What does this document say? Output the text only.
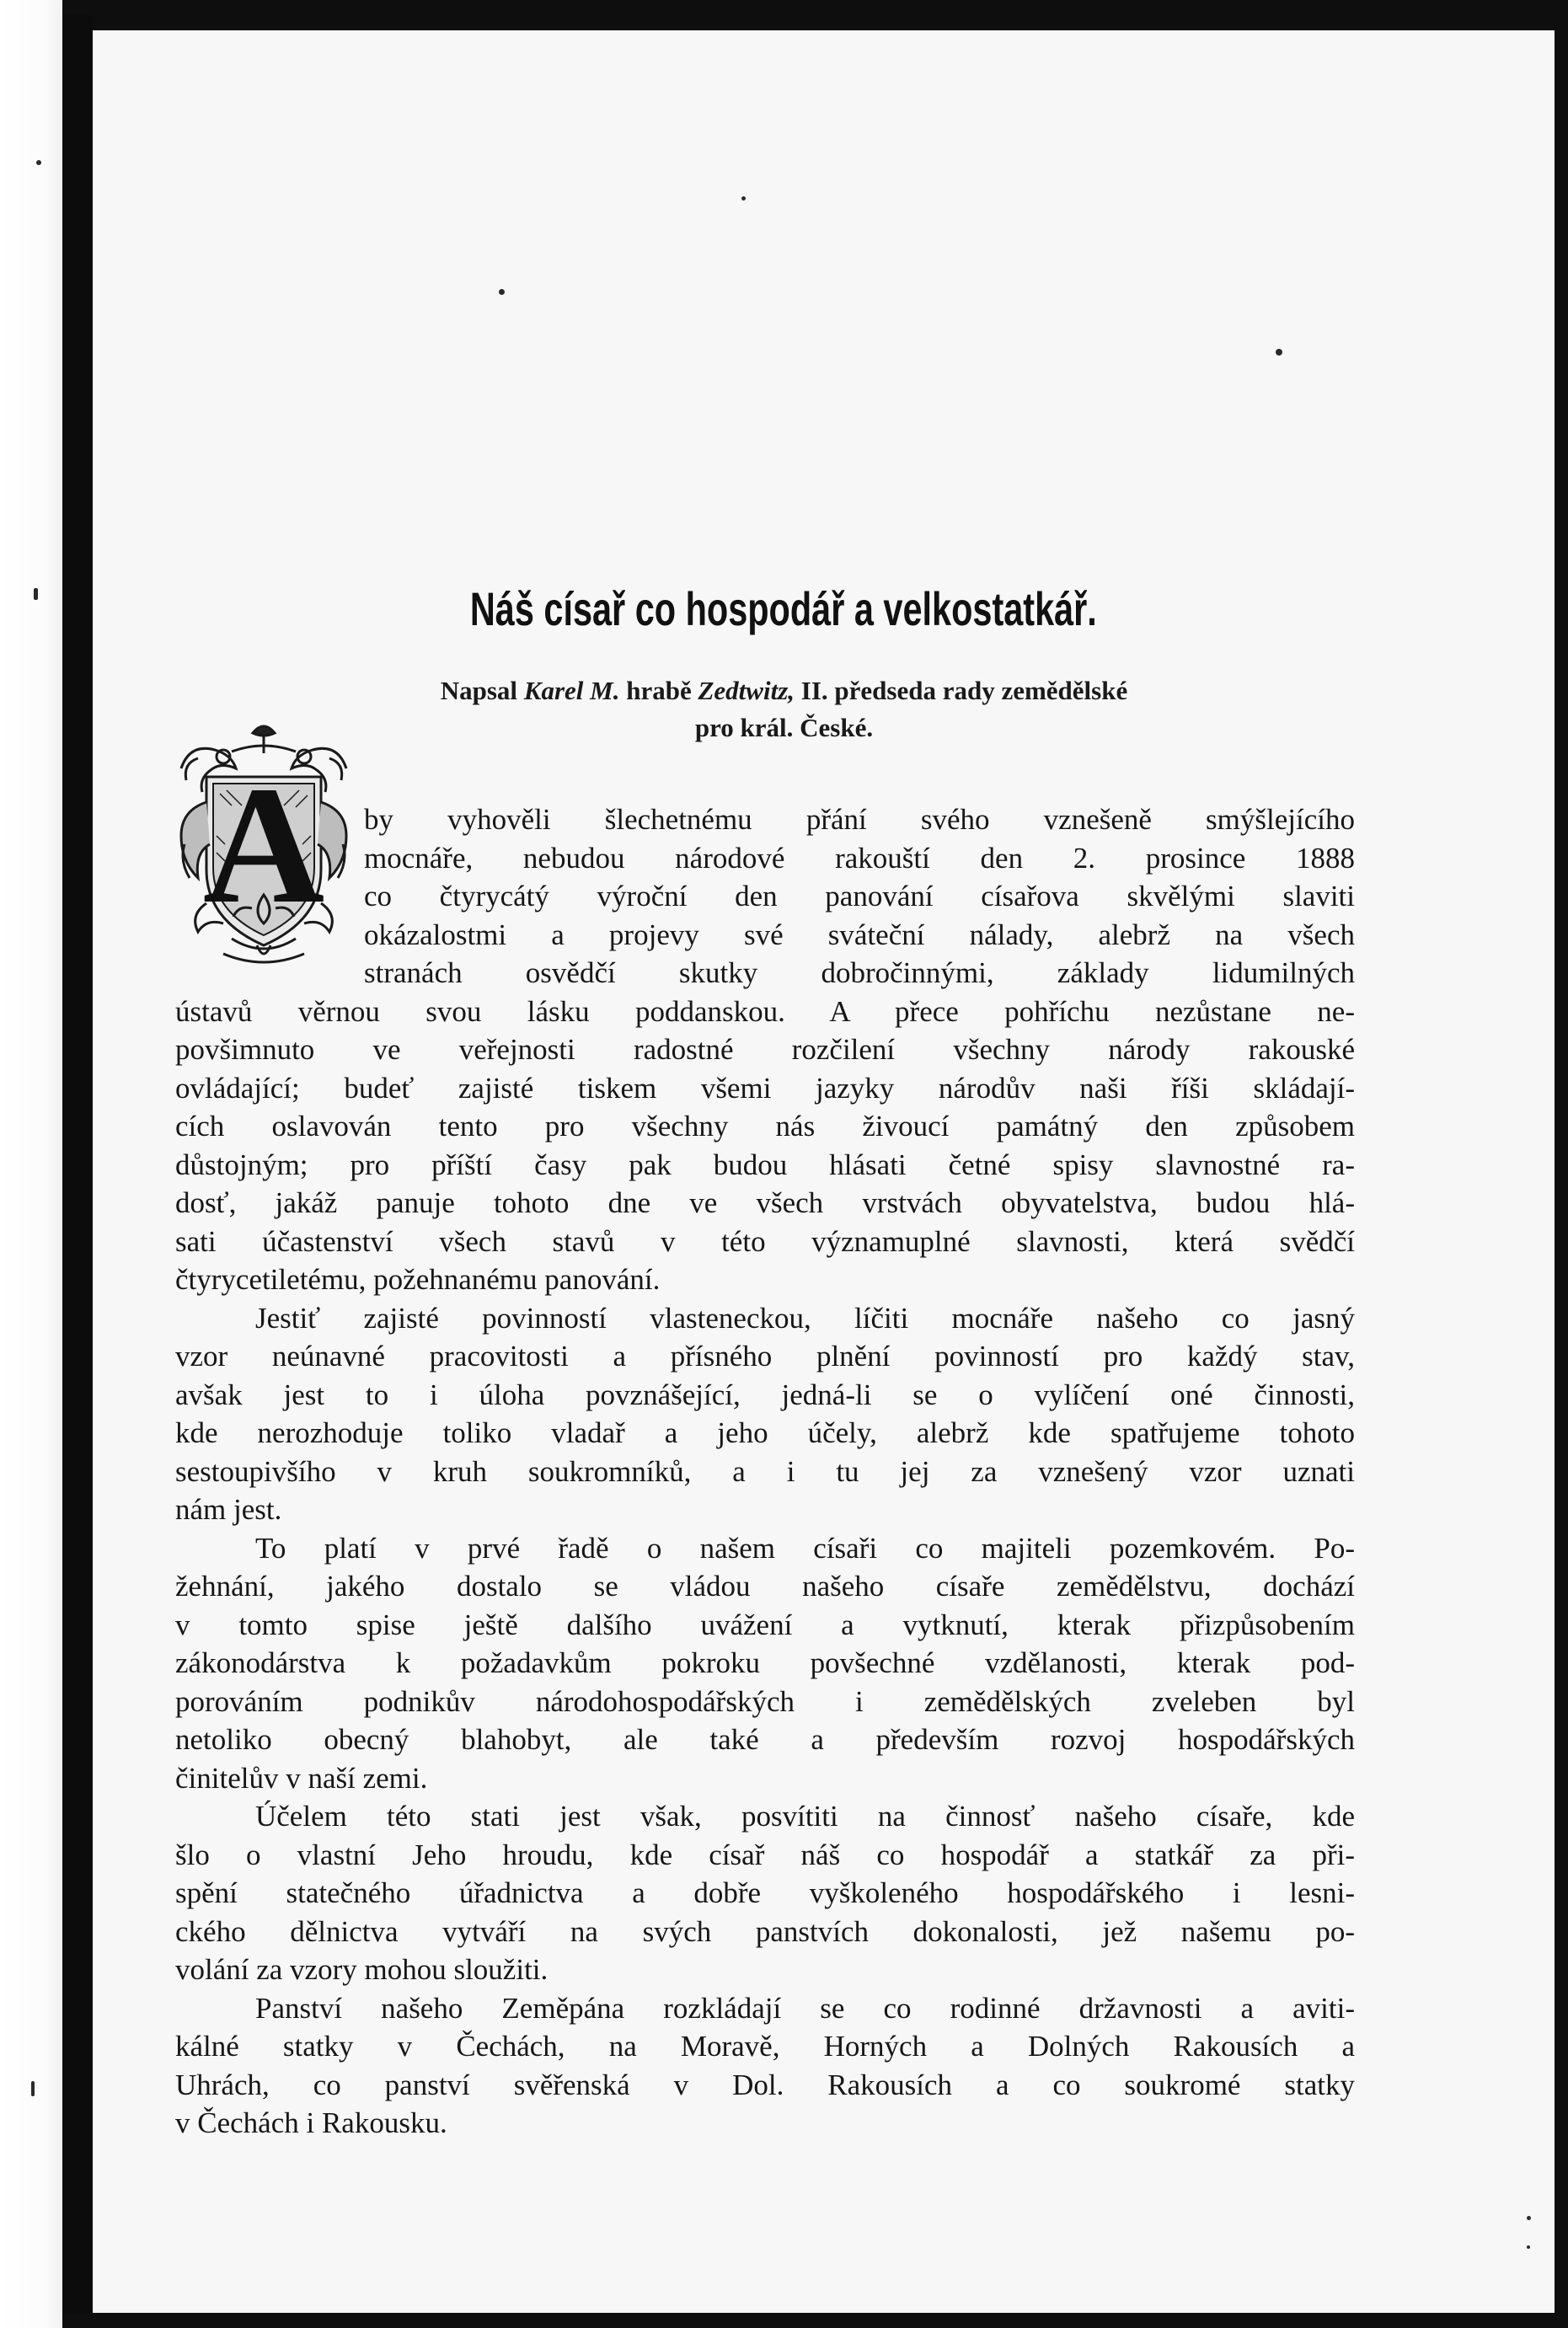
Náš císař co hospodář a velkostatkář.
Napsal Karel M. hrabě Zedtwitz, II. předseda rady zemědělské
pro král. České.
A	by vyhověli šlechetnému přání svého vznešeně smýšlejícího
mocnáře, nebudou národové rakouští den 2. prosince 1888
co čtyrycátý výroční den panování císařova skvělými slaviti
okázalostmi a projevy své sváteční nálady, alebrž na všech
stranách osvědčí skutky dobročinnými, základy lidumilných
ústavů věrnou svou lásku poddanskou. A přece pohříchu nezůstane ne-
povšimnuto ve veřejnosti radostné rozčilení všechny národy rakouské
ovládající; budeť zajisté tiskem všemi jazyky národův naši říši skládají-
cích oslavován tento pro všechny nás živoucí památný den způsobem
důstojným; pro příští časy pak budou hlásati četné spisy slavnostné ra-
dosť, jakáž panuje tohoto dne ve všech vrstvách obyvatelstva, budou hlá-
sati účastenství všech stavů v této významuplné slavnosti, která svědčí
čtyrycetiletému, požehnanému panování.
Jestiť zajisté povinností vlasteneckou, líčiti mocnáře našeho co jasný
vzor neúnavné pracovitosti a přísného plnění povinností pro každý stav,
avšak jest to i úloha povznášející, jedná-li se o vylíčení oné činnosti,
kde nerozhoduje toliko vladař a jeho účely, alebrž kde spatřujeme tohoto
sestoupivšího v kruh soukromníků, a i tu jej za vznešený vzor uznati
nám jest.
To platí v prvé řadě o našem císaři co majiteli pozemkovém. Po-
žehnání, jakého dostalo se vládou našeho císaře zemědělstvu, dochází
v tomto spise ještě dalšího uvážení a vytknutí, kterak přizpůsobením
zákonodárstva k požadavkům pokroku povšechné vzdělanosti, kterak pod-
porováním podnikův národohospodářských i zemědělských zveleben byl
netoliko obecný blahobyt, ale také a především rozvoj hospodářských
činitelův v naší zemi.
Účelem této stati jest však, posvítiti na činnosť našeho císaře, kde
šlo o vlastní Jeho hroudu, kde císař náš co hospodář a statkář za při-
spění statečného úřadnictva a dobře vyškoleného hospodářského i lesni-
ckého dělnictva vytváří na svých panstvích dokonalosti, jež našemu po-
volání za vzory mohou sloužiti.
Panství našeho Zeměpána rozkládají se co rodinné državnosti a aviti-
kálné statky v Čechách, na Moravě, Horných a Dolných Rakousích a
Uhrách, co panství svěřenská v Dol. Rakousích a co soukromé statky
v Čechách i Rakousku.
